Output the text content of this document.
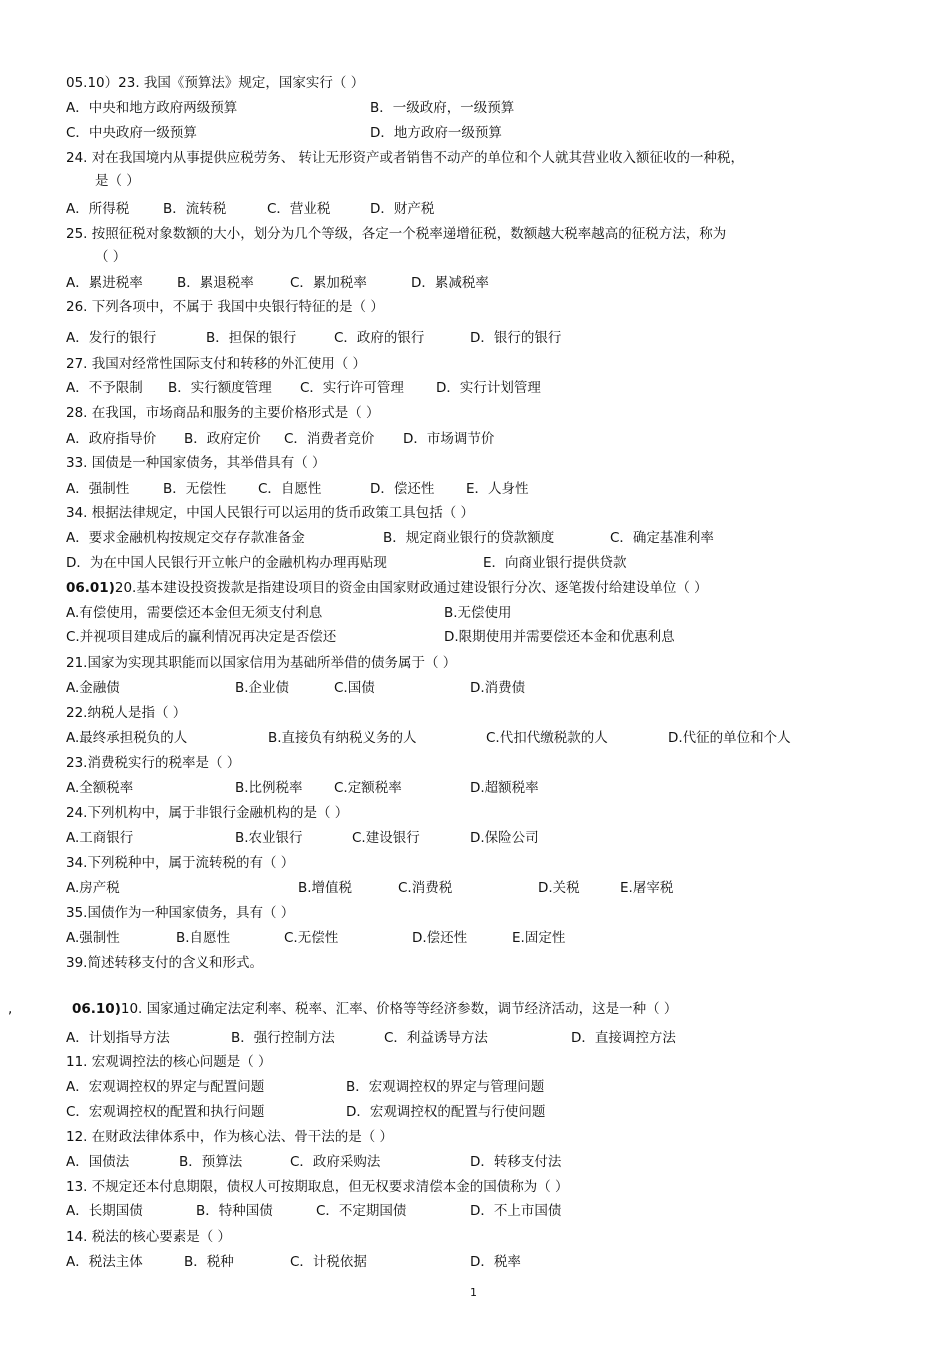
05.10）23. 我国《预算法》规定，国家实行（ ）
A．中央和地方政府两级预算	B．一级政府，一级预算
C．中央政府一级预算	D．地方政府一级预算
24. 对在我国境内从事提供应税劳务、 转让无形资产或者销售不动产的单位和个人就其营业收入额征收的一种税，
是（ ）
A．所得税	B．流转税	C．营业税	D．财产税
25. 按照征税对象数额的大小，划分为几个等级，各定一个税率递增征税，数额越大税率越高的征税方法，称为
（ ）
A．累进税率	B．累退税率	C．累加税率	D．累减税率
26. 下列各项中，不属于 我国中央银行特征的是（ ）
A．发行的银行	B．担保的银行	C．政府的银行	D．银行的银行
27. 我国对经常性国际支付和转移的外汇使用（ ）
A．不予限制 B．实行额度管理 C．实行许可管理 D．实行计划管理
28. 在我国，市场商品和服务的主要价格形式是（ ）
A．政府指导价 B．政府定价 C．消费者竞价 D．市场调节价
33. 国债是一种国家债务，其举借具有（ ）
A．强制性	B．无偿性 C．自愿性	D．偿还性 E．人身性
34. 根据法律规定，中国人民银行可以运用的货币政策工具包括（ ）
A．要求金融机构按规定交存存款准备金	B．规定商业银行的贷款额度	C．确定基准利率
D．为在中国人民银行开立帐户的金融机构办理再贴现	E．向商业银行提供贷款
06.01)20.基本建设投资拨款是指建设项目的资金由国家财政通过建设银行分次、逐笔拨付给建设单位（ ）
A.有偿使用，需要偿还本金但无须支付利息	B.无偿使用
C.并视项目建成后的赢利情况再决定是否偿还	D.限期使用并需要偿还本金和优惠利息
21.国家为实现其职能而以国家信用为基础所举借的债务属于（ ）
A.金融债	B.企业债	C.国债	D.消费债
22.纳税人是指（ ）
A.最终承担税负的人	B.直接负有纳税义务的人	C.代扣代缴税款的人	D.代征的单位和个人
23.消费税实行的税率是（ ）
A.全额税率	B.比例税率 C.定额税率	D.超额税率
24.下列机构中，属于非银行金融机构的是（ ）
A.工商银行	B.农业银行	C.建设银行	D.保险公司
34.下列税种中，属于流转税的有（ ）
A.房产税	B.增值税	C.消费税	D.关税	E.屠宰税
35.国债作为一种国家债务，具有（ ）
A.强制性	B.自愿性	C.无偿性	D.偿还性	E.固定性
39.简述转移支付的含义和形式。
,	06.10)10. 国家通过确定法定利率、税率、汇率、价格等等经济参数，调节经济活动，这是一种（ ）
A．计划指导方法	B．强行控制方法	C．利益诱导方法	D．直接调控方法
11. 宏观调控法的核心问题是（ ）
A．宏观调控权的界定与配置问题	B．宏观调控权的界定与管理问题
C．宏观调控权的配置和执行问题	D．宏观调控权的配置与行使问题
12. 在财政法律体系中，作为核心法、骨干法的是（ ）
A．国债法	B．预算法	C．政府采购法	D．转移支付法
13. 不规定还本付息期限，债权人可按期取息，但无权要求清偿本金的国债称为（ ）
A．长期国债	B．特种国债	C．不定期国债	D．不上市国债
14. 税法的核心要素是（ ）
A．税法主体	B．税种	C．计税依据	D．税率
1
